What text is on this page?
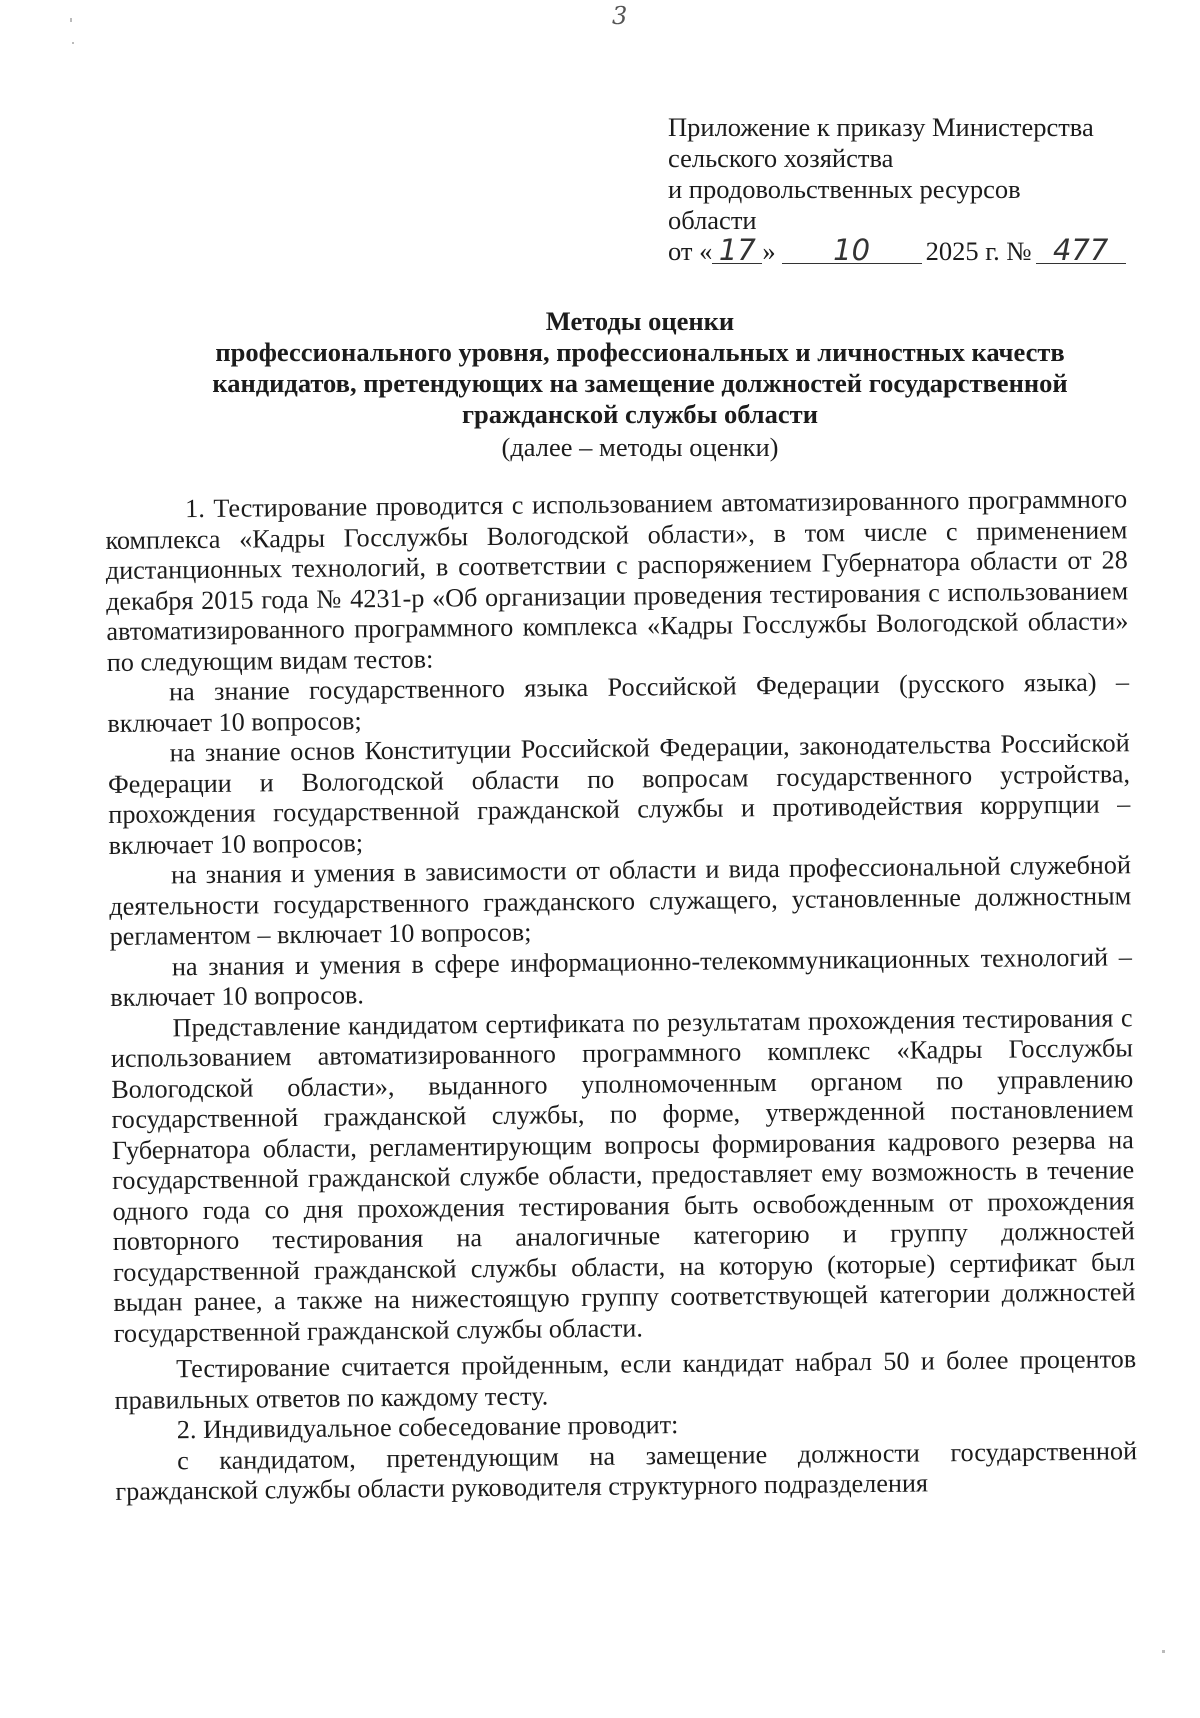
3
Приложение к приказу Министерства
сельского хозяйства
и продовольственных ресурсов
области
от « 17 » 10 2025 г. № 477
Методы оценки
профессионального уровня, профессиональных и личностных качеств
кандидатов, претендующих на замещение должностей государственной
гражданской службы области
(далее – методы оценки)

1. Тестирование проводится с использованием автоматизированного программного комплекса «Кадры Госслужбы Вологодской области», в том числе с применением дистанционных технологий, в соответствии с распоряжением Губернатора области от 28 декабря 2015 года № 4231-р «Об организации проведения тестирования с использованием автоматизированного программного комплекса «Кадры Госслужбы Вологодской области» по следующим видам тестов:

на знание государственного языка Российской Федерации (русского языка) – включает 10 вопросов;

на знание основ Конституции Российской Федерации, законодательства Российской Федерации и Вологодской области по вопросам государственного устройства, прохождения государственной гражданской службы и противодействия коррупции – включает 10 вопросов;

на знания и умения в зависимости от области и вида профессиональной служебной деятельности государственного гражданского служащего, установленные должностным регламентом – включает 10 вопросов;

на знания и умения в сфере информационно-телекоммуникационных технологий – включает 10 вопросов.

Представление кандидатом сертификата по результатам прохождения тестирования с использованием автоматизированного программного комплекс «Кадры Госслужбы Вологодской области», выданного уполномоченным органом по управлению государственной гражданской службы, по форме, утвержденной постановлением Губернатора области, регламентирующим вопросы формирования кадрового резерва на государственной гражданской службе области, предоставляет ему возможность в течение одного года со дня прохождения тестирования быть освобожденным от прохождения повторного тестирования на аналогичные категорию и группу должностей государственной гражданской службы области, на которую (которые) сертификат был выдан ранее, а также на нижестоящую группу соответствующей категории должностей государственной гражданской службы области.

Тестирование считается пройденным, если кандидат набрал 50 и более процентов правильных ответов по каждому тесту.

2. Индивидуальное собеседование проводит:

с кандидатом, претендующим на замещение должности государственной гражданской службы области руководителя структурного подразделения
